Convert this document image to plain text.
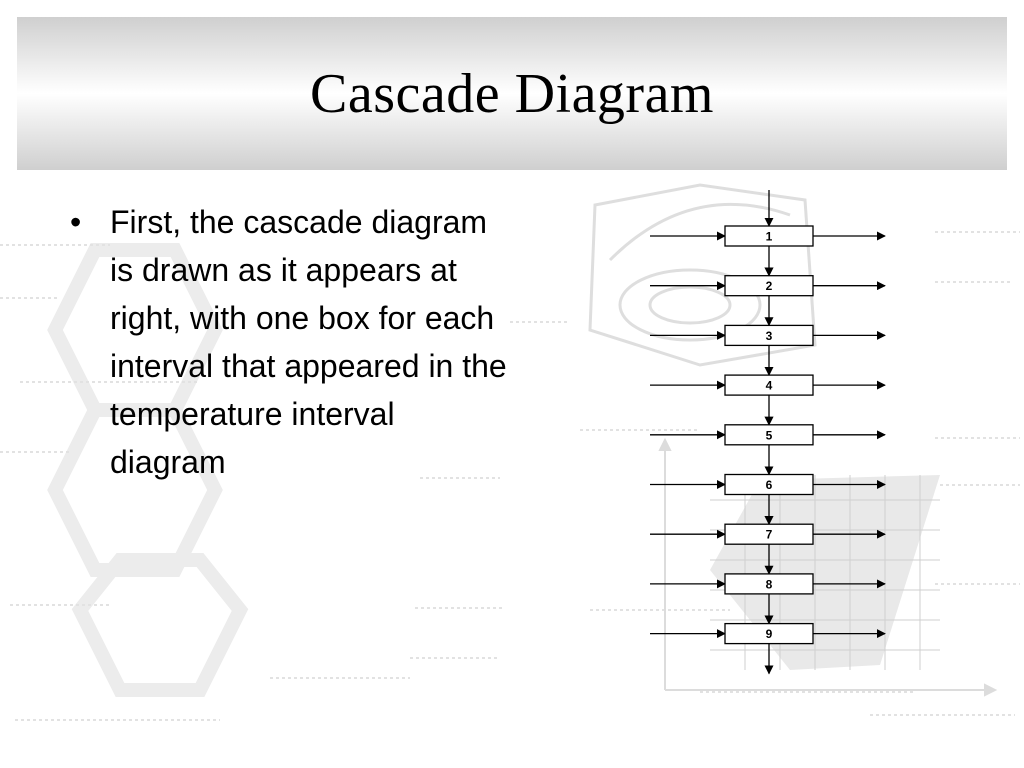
Cascade Diagram
• First, the cascade diagram is drawn as it appears at right, with one box for each interval that appeared in the temperature interval diagram
1
2
3
4
5
6
7
8
9
